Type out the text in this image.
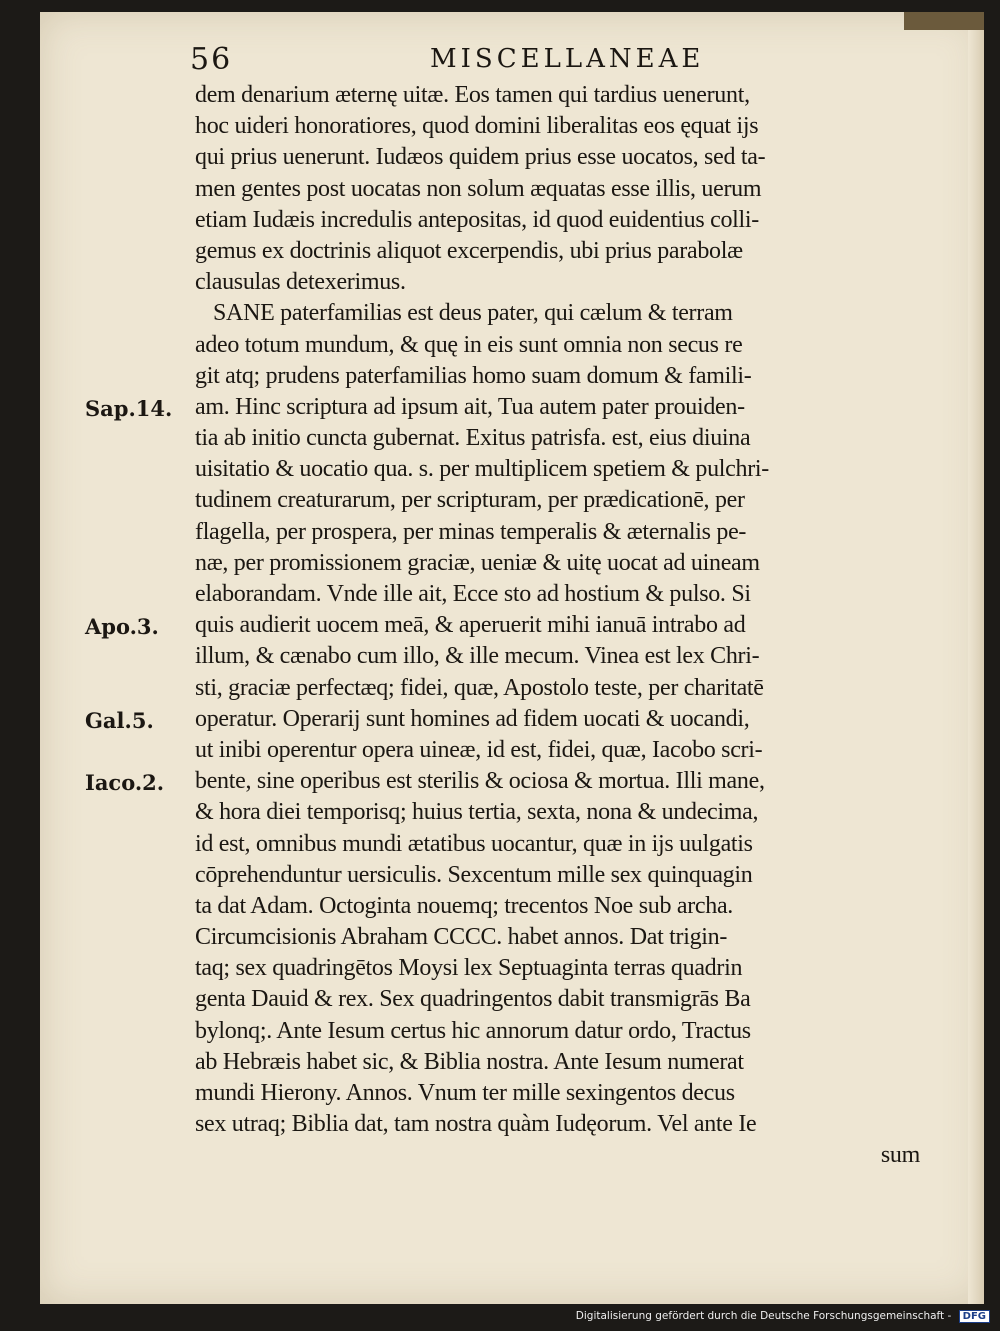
56	MISCELLANEAE
Sap.14.
Apo.3.
Gal.5.
Iaco.2.
dem denarium æternę uitæ. Eos tamen qui tardius uenerunt,
hoc uideri honoratiores, quod domini liberalitas eos ęquat ijs
qui prius uenerunt. Iudæos quidem prius esse uocatos, sed ta-
men gentes post uocatas non solum æquatas esse illis, uerum
etiam Iudæis incredulis antepositas, id quod euidentius colli-
gemus ex doctrinis aliquot excerpendis, ubi prius parabolæ
clausulas detexerimus.
SANE paterfamilias est deus pater, qui cælum & terram
adeo totum mundum, & quę in eis sunt omnia non secus re
git atq; prudens paterfamilias homo suam domum & famili-
am. Hinc scriptura ad ipsum ait, Tua autem pater prouiden-
tia ab initio cuncta gubernat. Exitus patrisfa. est, eius diuina
uisitatio & uocatio qua. s. per multiplicem spetiem & pulchri-
tudinem creaturarum, per scripturam, per prædicationē, per
flagella, per prospera, per minas temperalis & æternalis pe-
næ, per promissionem graciæ, ueniæ & uitę uocat ad uineam
elaborandam. Vnde ille ait, Ecce sto ad hostium & pulso. Si
quis audierit uocem meā, & aperuerit mihi ianuā intrabo ad
illum, & cænabo cum illo, & ille mecum. Vinea est lex Chri-
sti, graciæ perfectæq; fidei, quæ, Apostolo teste, per charitatē
operatur. Operarij sunt homines ad fidem uocati & uocandi,
ut inibi operentur opera uineæ, id est, fidei, quæ, Iacobo scri-
bente, sine operibus est sterilis & ociosa & mortua. Illi mane,
& hora diei temporisq; huius tertia, sexta, nona & undecima,
id est, omnibus mundi ætatibus uocantur, quæ in ijs uulgatis
cōprehenduntur uersiculis. Sexcentum mille sex quinquagin
ta dat Adam. Octoginta nouemq; trecentos Noe sub archa.
Circumcisionis Abraham CCCC. habet annos. Dat trigin-
taq; sex quadringētos Moysi lex Septuaginta terras quadrin
genta Dauid & rex. Sex quadringentos dabit transmigrās Ba
bylonq;. Ante Iesum certus hic annorum datur ordo, Tractus
ab Hebræis habet sic, & Biblia nostra. Ante Iesum numerat
mundi Hierony. Annos. Vnum ter mille sexingentos decus
sex utraq; Biblia dat, tam nostra quàm Iudęorum. Vel ante Ie
sum
Digitalisierung gefördert durch die Deutsche Forschungsgemeinschaft - DFG
